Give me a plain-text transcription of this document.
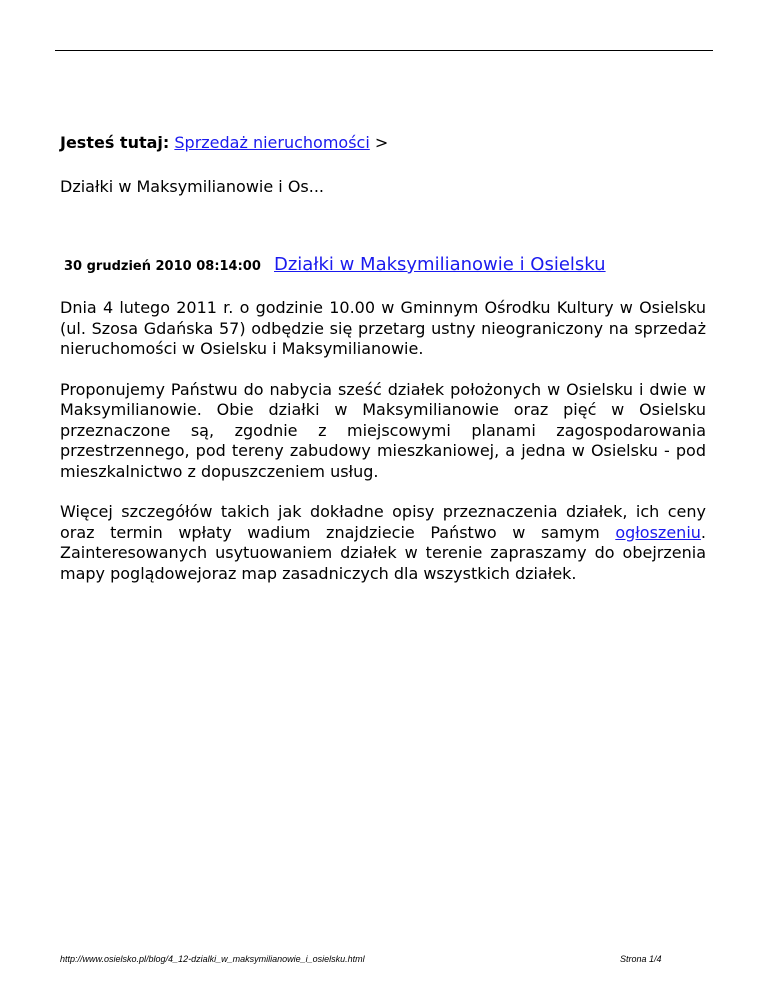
Jesteś tutaj: Sprzedaż nieruchomości >
Działki w Maksymilianowie i Os...
30 grudzień 2010 08:14:00 Działki w Maksymilianowie i Osielsku

Dnia 4 lutego 2011 r. o godzinie 10.00 w Gminnym Ośrodku Kultury w Osielsku (ul. Szosa Gdańska 57) odbędzie się przetarg ustny nieograniczony na sprzedaż nieruchomości w Osielsku i Maksymilianowie.

Proponujemy Państwu do nabycia sześć działek położonych w Osielsku i dwie w Maksymilianowie. Obie działki w Maksymilianowie oraz pięć w Osielsku przeznaczone są, zgodnie z miejscowymi planami zagospodarowania przestrzennego, pod tereny zabudowy mieszkaniowej, a jedna w Osielsku - pod mieszkalnictwo z dopuszczeniem usług.

Więcej szczegółów takich jak dokładne opisy przeznaczenia działek, ich ceny oraz termin wpłaty wadium znajdziecie Państwo w samym ogłoszeniu. Zainteresowanych usytuowaniem działek w terenie zapraszamy do obejrzenia mapy poglądowejoraz map zasadniczych dla wszystkich działek.

http://www.osielsko.pl/blog/4_12-dzialki_w_maksymilianowie_i_osielsku.html	Strona 1/4
